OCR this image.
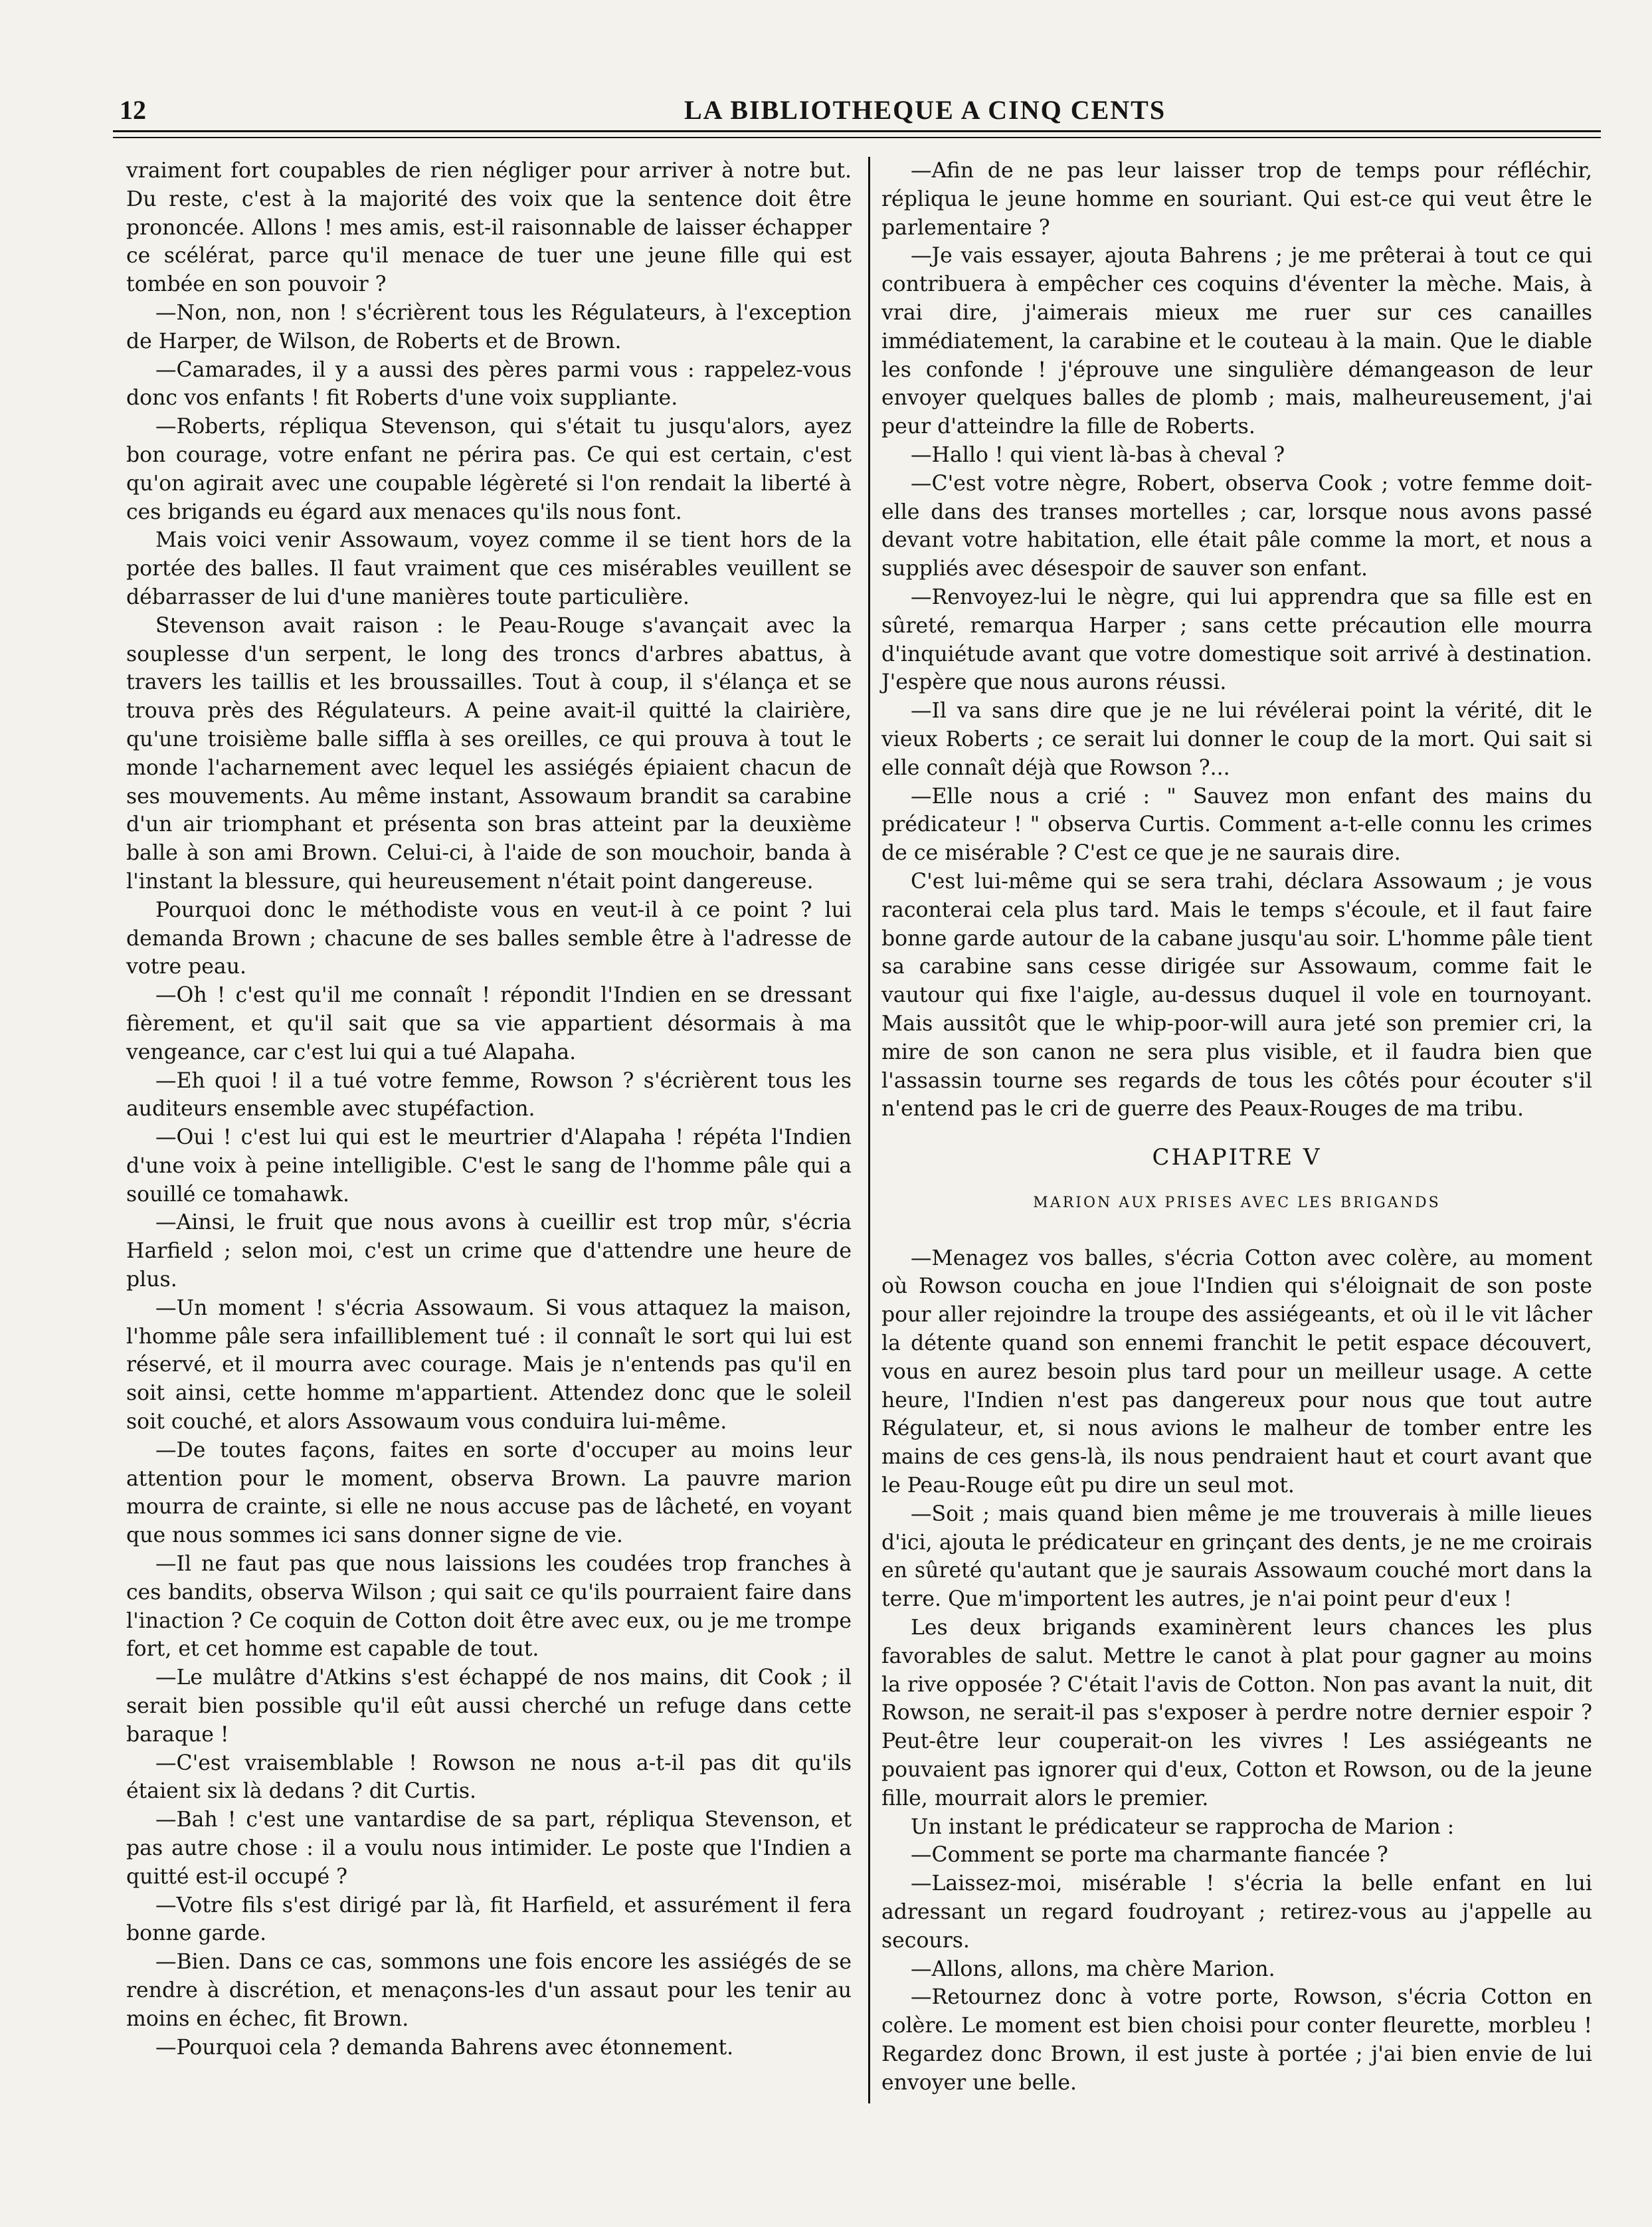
12	LA BIBLIOTHEQUE A CINQ CENTS

vraiment fort coupables de rien négliger pour arriver à notre but. Du reste, c'est à la majorité des voix que la sentence doit être prononcée. Allons ! mes amis, est-il raisonnable de laisser échapper ce scélérat, parce qu'il menace de tuer une jeune fille qui est tombée en son pouvoir ?

—Non, non, non ! s'écrièrent tous les Régulateurs, à l'exception de Harper, de Wilson, de Roberts et de Brown.

—Camarades, il y a aussi des pères parmi vous : rappelez-vous donc vos enfants ! fit Roberts d'une voix suppliante.

—Roberts, répliqua Stevenson, qui s'était tu jusqu'alors, ayez bon courage, votre enfant ne périra pas. Ce qui est certain, c'est qu'on agirait avec une coupable légèreté si l'on rendait la liberté à ces brigands eu égard aux menaces qu'ils nous font.

Mais voici venir Assowaum, voyez comme il se tient hors de la portée des balles. Il faut vraiment que ces misérables veuillent se débarrasser de lui d'une manières toute particulière.

Stevenson avait raison : le Peau-Rouge s'avançait avec la souplesse d'un serpent, le long des troncs d'arbres abattus, à travers les taillis et les broussailles. Tout à coup, il s'élança et se trouva près des Régulateurs. A peine avait-il quitté la clairière, qu'une troisième balle siffla à ses oreilles, ce qui prouva à tout le monde l'acharnement avec lequel les assiégés épiaient chacun de ses mouvements. Au même instant, Assowaum brandit sa carabine d'un air triomphant et présenta son bras atteint par la deuxième balle à son ami Brown. Celui-ci, à l'aide de son mouchoir, banda à l'instant la blessure, qui heureusement n'était point dangereuse.

Pourquoi donc le méthodiste vous en veut-il à ce point ? lui demanda Brown ; chacune de ses balles semble être à l'adresse de votre peau.

—Oh ! c'est qu'il me connaît ! répondit l'Indien en se dressant fièrement, et qu'il sait que sa vie appartient désormais à ma vengeance, car c'est lui qui a tué Alapaha.

—Eh quoi ! il a tué votre femme, Rowson ? s'écrièrent tous les auditeurs ensemble avec stupéfaction.

—Oui ! c'est lui qui est le meurtrier d'Alapaha ! répéta l'Indien d'une voix à peine intelligible. C'est le sang de l'homme pâle qui a souillé ce tomahawk.

—Ainsi, le fruit que nous avons à cueillir est trop mûr, s'écria Harfield ; selon moi, c'est un crime que d'attendre une heure de plus.

—Un moment ! s'écria Assowaum. Si vous attaquez la maison, l'homme pâle sera infailliblement tué : il connaît le sort qui lui est réservé, et il mourra avec courage. Mais je n'entends pas qu'il en soit ainsi, cette homme m'appartient. Attendez donc que le soleil soit couché, et alors Assowaum vous conduira lui-même.

—De toutes façons, faites en sorte d'occuper au moins leur attention pour le moment, observa Brown. La pauvre marion mourra de crainte, si elle ne nous accuse pas de lâcheté, en voyant que nous sommes ici sans donner signe de vie.

—Il ne faut pas que nous laissions les coudées trop franches à ces bandits, observa Wilson ; qui sait ce qu'ils pourraient faire dans l'inaction ? Ce coquin de Cotton doit être avec eux, ou je me trompe fort, et cet homme est capable de tout.

—Le mulâtre d'Atkins s'est échappé de nos mains, dit Cook ; il serait bien possible qu'il eût aussi cherché un refuge dans cette baraque !

—C'est vraisemblable ! Rowson ne nous a-t-il pas dit qu'ils étaient six là dedans ? dit Curtis.

—Bah ! c'est une vantardise de sa part, répliqua Stevenson, et pas autre chose : il a voulu nous intimider. Le poste que l'Indien a quitté est-il occupé ?

—Votre fils s'est dirigé par là, fit Harfield, et assurément il fera bonne garde.

—Bien. Dans ce cas, sommons une fois encore les assiégés de se rendre à discrétion, et menaçons-les d'un assaut pour les tenir au moins en échec, fit Brown.

—Pourquoi cela ? demanda Bahrens avec étonnement.

—Afin de ne pas leur laisser trop de temps pour réfléchir, répliqua le jeune homme en souriant. Qui est-ce qui veut être le parlementaire ?

—Je vais essayer, ajouta Bahrens ; je me prêterai à tout ce qui contribuera à empêcher ces coquins d'éventer la mèche. Mais, à vrai dire, j'aimerais mieux me ruer sur ces canailles immédiatement, la carabine et le couteau à la main. Que le diable les confonde ! j'éprouve une singulière démangeason de leur envoyer quelques balles de plomb ; mais, malheureusement, j'ai peur d'atteindre la fille de Roberts.

—Hallo ! qui vient là-bas à cheval ?

—C'est votre nègre, Robert, observa Cook ; votre femme doit-elle dans des transes mortelles ; car, lorsque nous avons passé devant votre habitation, elle était pâle comme la mort, et nous a suppliés avec désespoir de sauver son enfant.

—Renvoyez-lui le nègre, qui lui apprendra que sa fille est en sûreté, remarqua Harper ; sans cette précaution elle mourra d'inquiétude avant que votre domestique soit arrivé à destination. J'espère que nous aurons réussi.

—Il va sans dire que je ne lui révélerai point la vérité, dit le vieux Roberts ; ce serait lui donner le coup de la mort. Qui sait si elle connaît déjà que Rowson ?...

—Elle nous a crié : " Sauvez mon enfant des mains du prédicateur ! " observa Curtis. Comment a-t-elle connu les crimes de ce misérable ? C'est ce que je ne saurais dire.

C'est lui-même qui se sera trahi, déclara Assowaum ; je vous raconterai cela plus tard. Mais le temps s'écoule, et il faut faire bonne garde autour de la cabane jusqu'au soir. L'homme pâle tient sa carabine sans cesse dirigée sur Assowaum, comme fait le vautour qui fixe l'aigle, au-dessus duquel il vole en tournoyant. Mais aussitôt que le whip-poor-will aura jeté son premier cri, la mire de son canon ne sera plus visible, et il faudra bien que l'assassin tourne ses regards de tous les côtés pour écouter s'il n'entend pas le cri de guerre des Peaux-Rouges de ma tribu.

CHAPITRE V
MARION AUX PRISES AVEC LES BRIGANDS

—Menagez vos balles, s'écria Cotton avec colère, au moment où Rowson coucha en joue l'Indien qui s'éloignait de son poste pour aller rejoindre la troupe des assiégeants, et où il le vit lâcher la détente quand son ennemi franchit le petit espace découvert, vous en aurez besoin plus tard pour un meilleur usage. A cette heure, l'Indien n'est pas dangereux pour nous que tout autre Régulateur, et, si nous avions le malheur de tomber entre les mains de ces gens-là, ils nous pendraient haut et court avant que le Peau-Rouge eût pu dire un seul mot.

—Soit ; mais quand bien même je me trouverais à mille lieues d'ici, ajouta le prédicateur en grinçant des dents, je ne me croirais en sûreté qu'autant que je saurais Assowaum couché mort dans la terre. Que m'importent les autres, je n'ai point peur d'eux !

Les deux brigands examinèrent leurs chances les plus favorables de salut. Mettre le canot à plat pour gagner au moins la rive opposée ? C'était l'avis de Cotton. Non pas avant la nuit, dit Rowson, ne serait-il pas s'exposer à perdre notre dernier espoir ? Peut-être leur couperait-on les vivres ! Les assiégeants ne pouvaient pas ignorer qui d'eux, Cotton et Rowson, ou de la jeune fille, mourrait alors le premier.

Un instant le prédicateur se rapprocha de Marion :

—Comment se porte ma charmante fiancée ?

—Laissez-moi, misérable ! s'écria la belle enfant en lui adressant un regard foudroyant ; retirez-vous au j'appelle au secours.

—Allons, allons, ma chère Marion.

—Retournez donc à votre porte, Rowson, s'écria Cotton en colère. Le moment est bien choisi pour conter fleurette, morbleu ! Regardez donc Brown, il est juste à portée ; j'ai bien envie de lui envoyer une belle.
